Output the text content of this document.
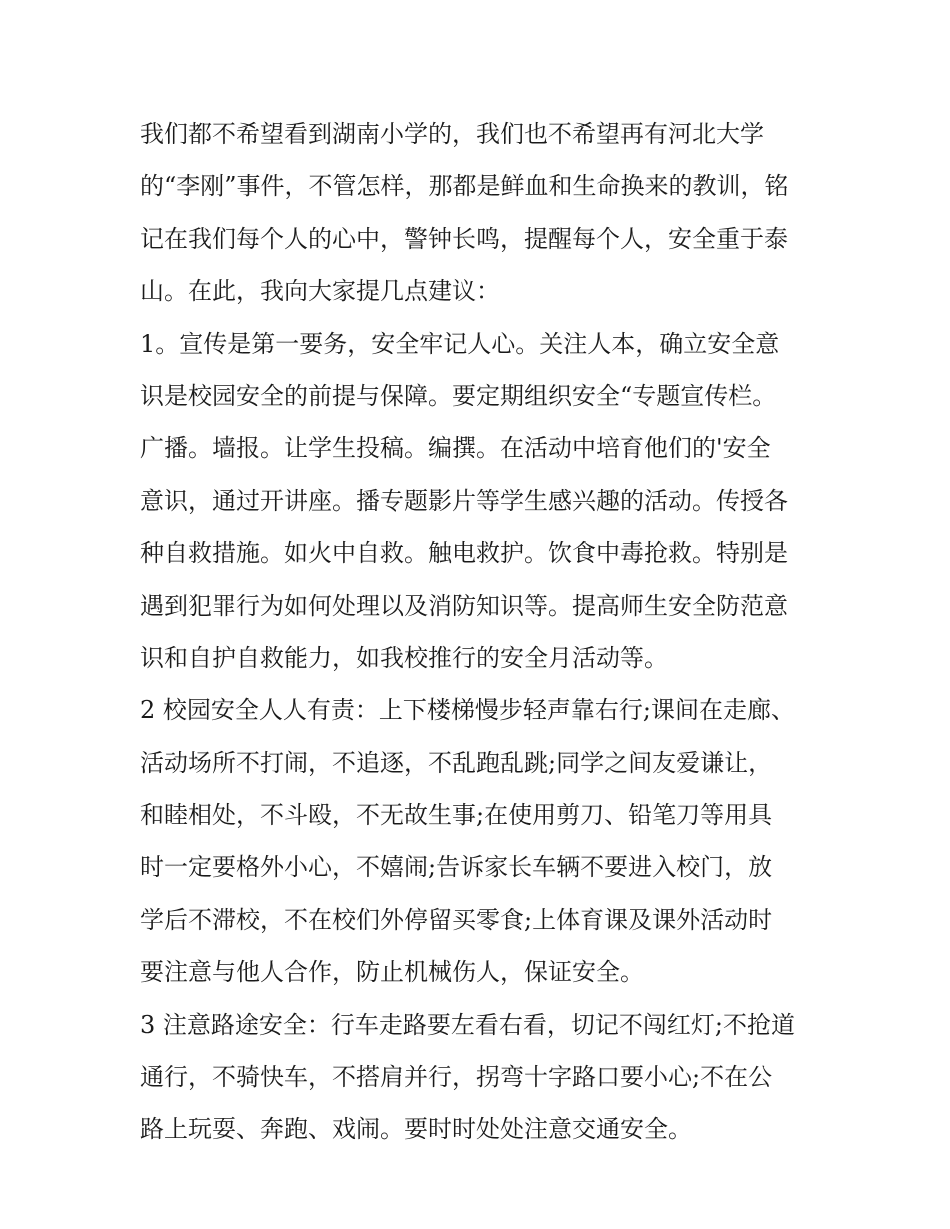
我们都不希望看到湖南小学的，我们也不希望再有河北大学
的“李刚”事件，不管怎样，那都是鲜血和生命换来的教训，铭
记在我们每个人的心中，警钟长鸣，提醒每个人，安全重于泰
山。在此，我向大家提几点建议：
1。宣传是第一要务，安全牢记人心。关注人本，确立安全意
识是校园安全的前提与保障。要定期组织安全“专题宣传栏。
广播。墙报。让学生投稿。编撰。在活动中培育他们的'安全
意识，通过开讲座。播专题影片等学生感兴趣的活动。传授各
种自救措施。如火中自救。触电救护。饮食中毒抢救。特别是
遇到犯罪行为如何处理以及消防知识等。提高师生安全防范意
识和自护自救能力，如我校推行的安全月活动等。
2 校园安全人人有责：上下楼梯慢步轻声靠右行;课间在走廊、
活动场所不打闹，不追逐，不乱跑乱跳;同学之间友爱谦让，
和睦相处，不斗殴，不无故生事;在使用剪刀、铅笔刀等用具
时一定要格外小心，不嬉闹;告诉家长车辆不要进入校门，放
学后不滞校，不在校们外停留买零食;上体育课及课外活动时
要注意与他人合作，防止机械伤人，保证安全。
3 注意路途安全：行车走路要左看右看，切记不闯红灯;不抢道
通行，不骑快车，不搭肩并行，拐弯十字路口要小心;不在公
路上玩耍、奔跑、戏闹。要时时处处注意交通安全。
